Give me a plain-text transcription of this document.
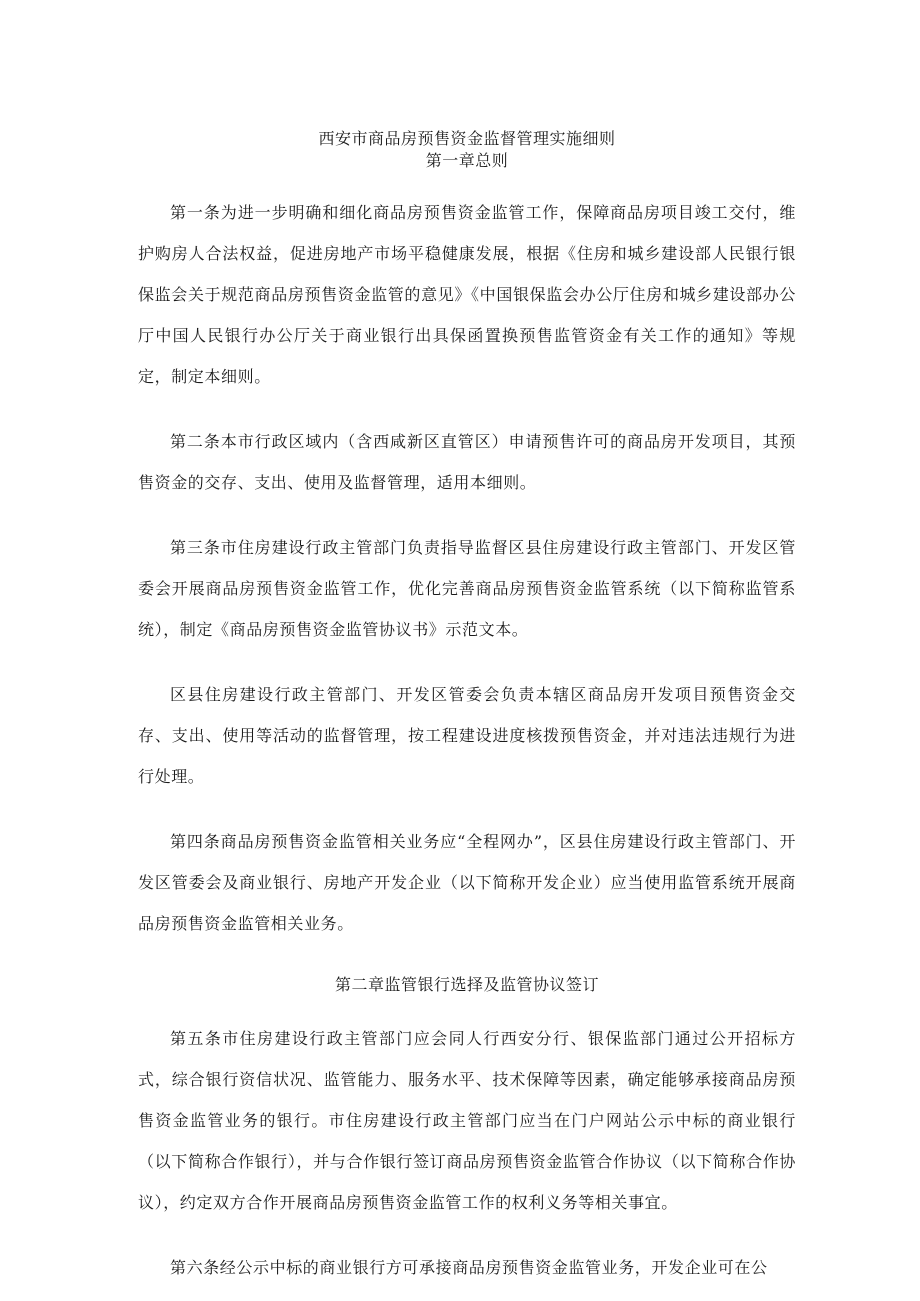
西安市商品房预售资金监督管理实施细则
第一章总则

第一条为进一步明确和细化商品房预售资金监管工作，保障商品房项目竣工交付，维护购房人合法权益，促进房地产市场平稳健康发展，根据《住房和城乡建设部人民银行银保监会关于规范商品房预售资金监管的意见》《中国银保监会办公厅住房和城乡建设部办公厅中国人民银行办公厅关于商业银行出具保函置换预售监管资金有关工作的通知》等规定，制定本细则。

第二条本市行政区域内（含西咸新区直管区）申请预售许可的商品房开发项目，其预售资金的交存、支出、使用及监督管理，适用本细则。

第三条市住房建设行政主管部门负责指导监督区县住房建设行政主管部门、开发区管委会开展商品房预售资金监管工作，优化完善商品房预售资金监管系统（以下简称监管系统），制定《商品房预售资金监管协议书》示范文本。

区县住房建设行政主管部门、开发区管委会负责本辖区商品房开发项目预售资金交存、支出、使用等活动的监督管理，按工程建设进度核拨预售资金，并对违法违规行为进行处理。

第四条商品房预售资金监管相关业务应“全程网办”，区县住房建设行政主管部门、开发区管委会及商业银行、房地产开发企业（以下简称开发企业）应当使用监管系统开展商品房预售资金监管相关业务。

第二章监管银行选择及监管协议签订

第五条市住房建设行政主管部门应会同人行西安分行、银保监部门通过公开招标方式，综合银行资信状况、监管能力、服务水平、技术保障等因素，确定能够承接商品房预售资金监管业务的银行。市住房建设行政主管部门应当在门户网站公示中标的商业银行（以下简称合作银行），并与合作银行签订商品房预售资金监管合作协议（以下简称合作协议），约定双方合作开展商品房预售资金监管工作的权利义务等相关事宜。

第六条经公示中标的商业银行方可承接商品房预售资金监管业务，开发企业可在公
